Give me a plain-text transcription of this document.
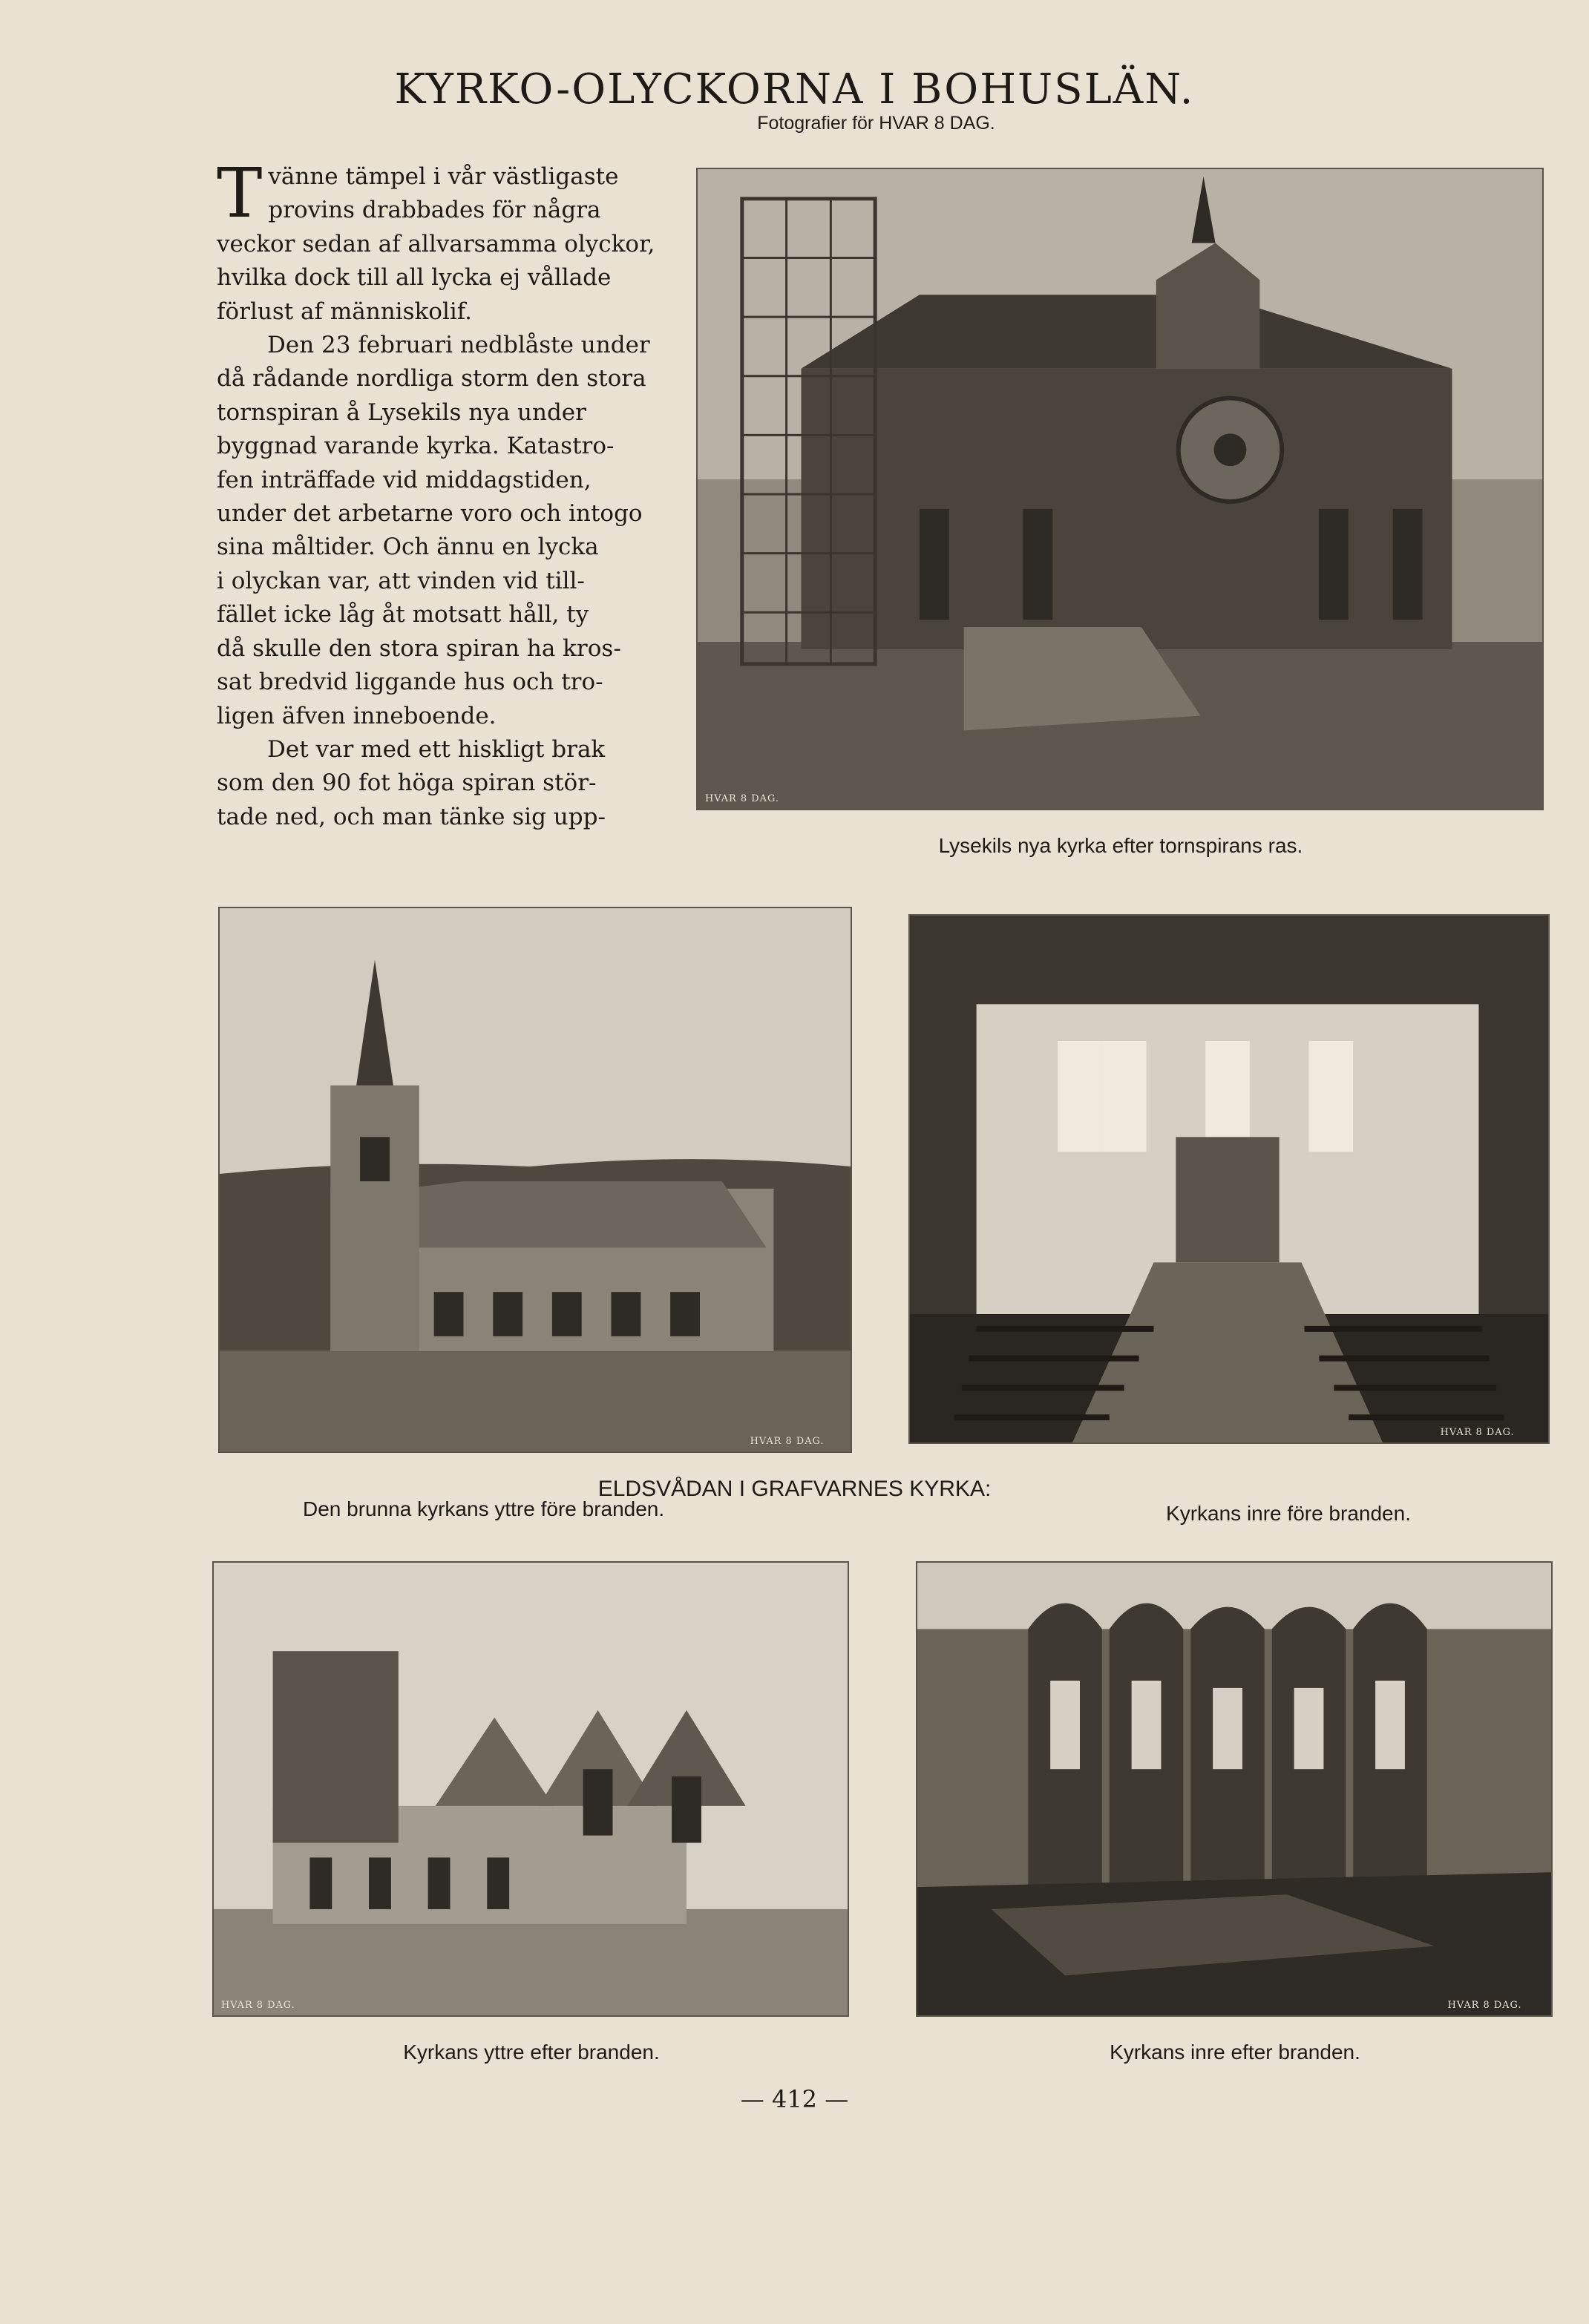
KYRKO-OLYCKORNA I BOHUSLÄN.
Fotografier för HVAR 8 DAG.

T vänne tämpel i vår västligaste
provins drabbades för några
veckor sedan af allvarsamma olyckor,
hvilka dock till all lycka ej vållade
förlust af människolif.

Den 23 februari nedblåste under
då rådande nordliga storm den stora
tornspiran å Lysekils nya under
byggnad varande kyrka. Katastro-
fen inträffade vid middagstiden,
under det arbetarne voro och intogo
sina måltider. Och ännu en lycka
i olyckan var, att vinden vid till-
fället icke låg åt motsatt håll, ty
då skulle den stora spiran ha kros-
sat bredvid liggande hus och tro-
ligen äfven inneboende.

Det var med ett hiskligt brak
som den 90 fot höga spiran stör-
tade ned, och man tänke sig upp-

HVAR 8 DAG.
Lysekils nya kyrka efter tornspirans ras.
HVAR 8 DAG.
HVAR 8 DAG.
ELDSVÅDAN I GRAFVARNES KYRKA:
Den brunna kyrkans yttre före branden.	Kyrkans inre före branden.
HVAR 8 DAG.
Kyrkans yttre efter branden.
HVAR 8 DAG.
Kyrkans inre efter branden.
— 412 —
